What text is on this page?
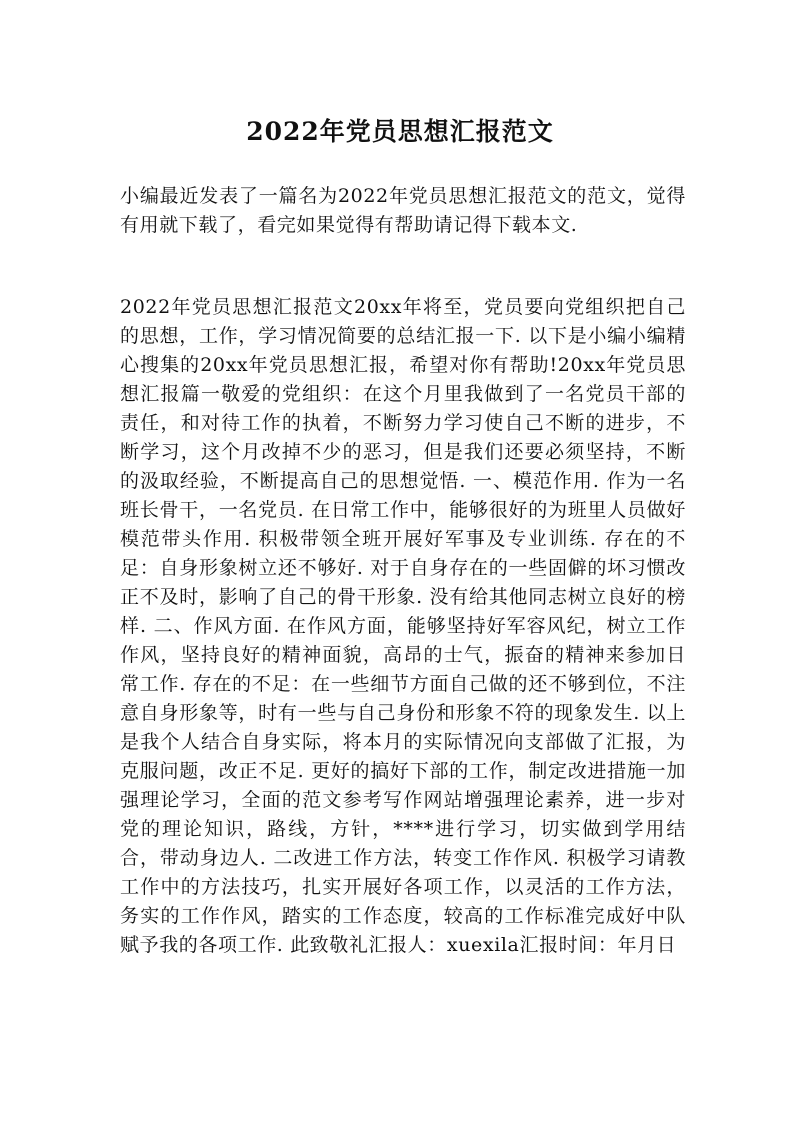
2022年党员思想汇报范文

小编最近发表了一篇名为2022年党员思想汇报范文的范文，觉得有用就下载了，看完如果觉得有帮助请记得下载本文.

2022年党员思想汇报范文20xx年将至，党员要向党组织把自己的思想，工作，学习情况简要的总结汇报一下. 以下是小编小编精心搜集的20xx年党员思想汇报，希望对你有帮助!20xx年党员思想汇报篇一敬爱的党组织：在这个月里我做到了一名党员干部的责任，和对待工作的执着，不断努力学习使自己不断的进步，不断学习，这个月改掉不少的恶习，但是我们还要必须坚持，不断的汲取经验，不断提高自己的思想觉悟. 一、模范作用. 作为一名班长骨干，一名党员. 在日常工作中，能够很好的为班里人员做好模范带头作用. 积极带领全班开展好军事及专业训练. 存在的不足：自身形象树立还不够好. 对于自身存在的一些固僻的坏习惯改正不及时，影响了自己的骨干形象. 没有给其他同志树立良好的榜样. 二、作风方面. 在作风方面，能够坚持好军容风纪，树立工作作风，坚持良好的精神面貌，高昂的士气，振奋的精神来参加日常工作. 存在的不足：在一些细节方面自己做的还不够到位，不注意自身形象等，时有一些与自己身份和形象不符的现象发生. 以上是我个人结合自身实际，将本月的实际情况向支部做了汇报，为克服问题，改正不足. 更好的搞好下部的工作，制定改进措施一加强理论学习，全面的范文参考写作网站增强理论素养，进一步对党的理论知识，路线，方针，****进行学习，切实做到学用结合，带动身边人. 二改进工作方法，转变工作作风. 积极学习请教工作中的方法技巧，扎实开展好各项工作，以灵活的工作方法，务实的工作作风，踏实的工作态度，较高的工作标准完成好中队赋予我的各项工作. 此致敬礼汇报人：xuexila汇报时间：年月日
